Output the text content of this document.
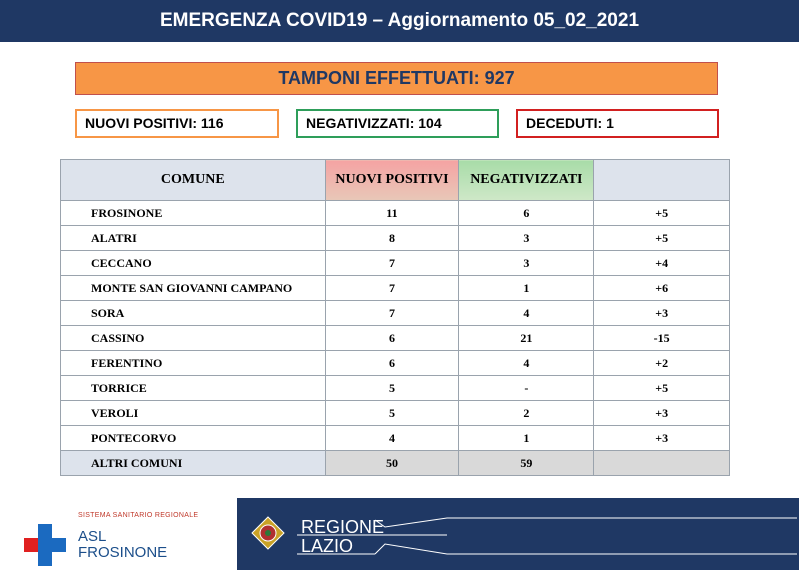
EMERGENZA COVID19 – Aggiornamento 05_02_2021
TAMPONI EFFETTUATI: 927
NUOVI POSITIVI: 116	NEGATIVIZZATI: 104	DECEDUTI: 1
COMUNE	NUOVI POSITIVI	NEGATIVIZZATI	
FROSINONE	11	6	+5
ALATRI	8	3	+5
CECCANO	7	3	+4
MONTE SAN GIOVANNI CAMPANO	7	1	+6
SORA	7	4	+3
CASSINO	6	21	-15
FERENTINO	6	4	+2
TORRICE	5	-	+5
VEROLI	5	2	+3
PONTECORVO	4	1	+3
ALTRI COMUNI	50	59	
SISTEMA SANITARIO REGIONALE
ASL
FROSINONE
REGIONE
LAZIO
